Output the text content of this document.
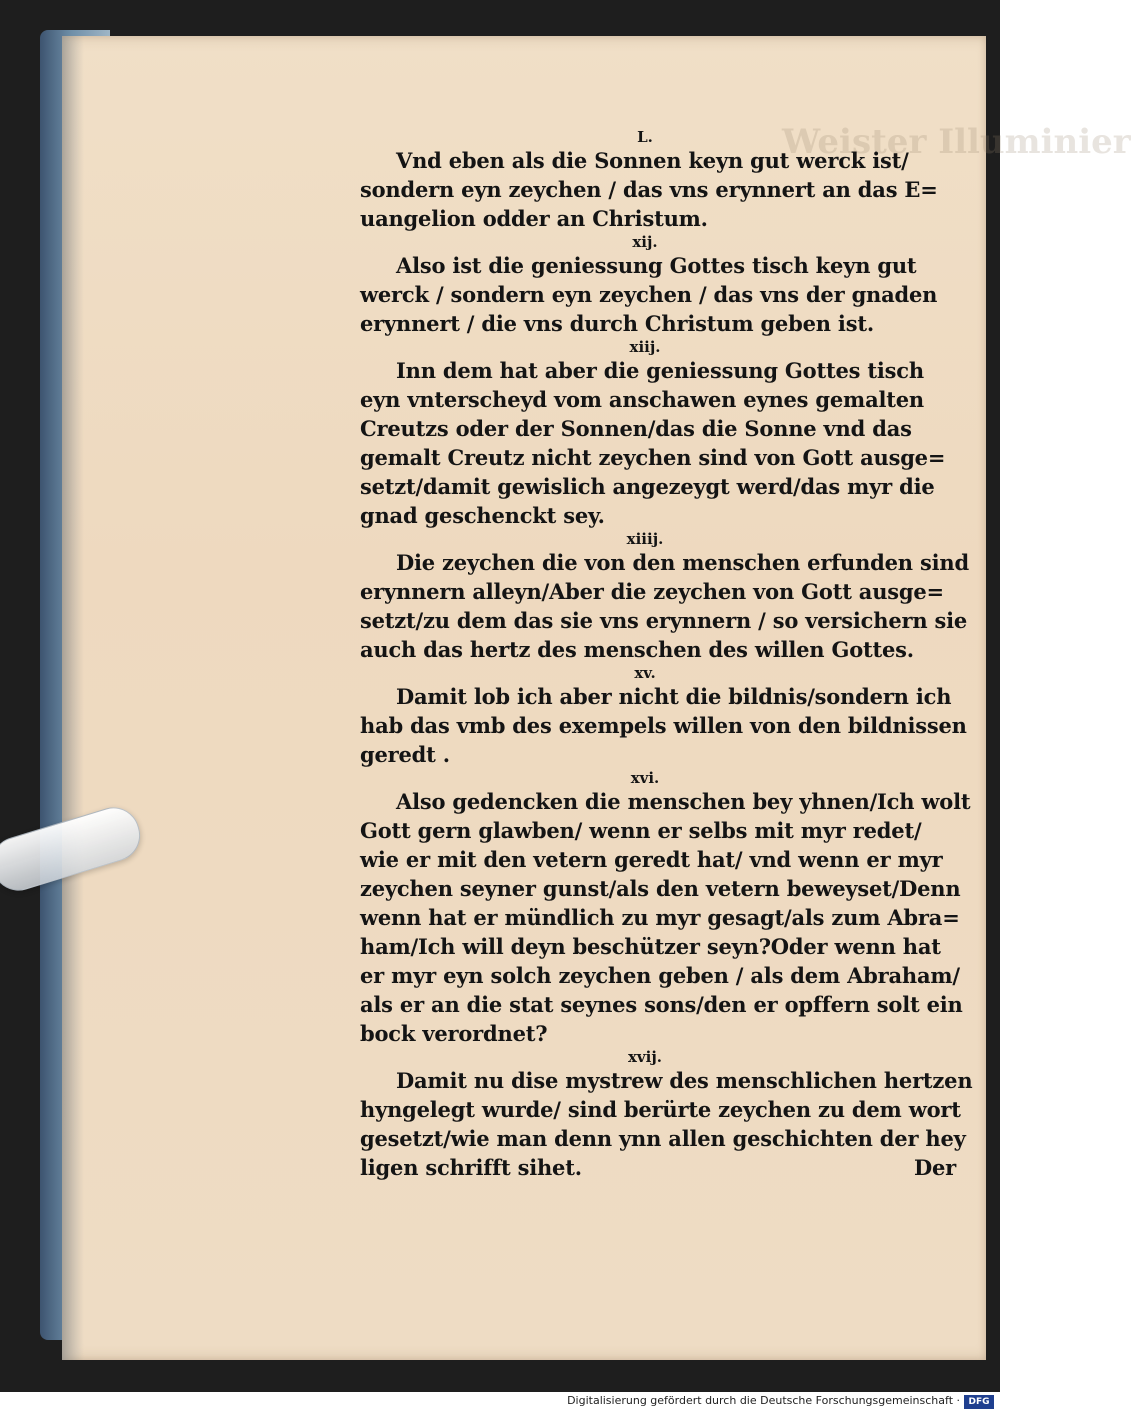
Weister Illuminier
L.
Vnd eben als die Sonnen keyn gut werck ist/
sondern eyn zeychen / das vns erynnert an das E=
uangelion odder an Christum.
xij.
Also ist die geniessung Gottes tisch keyn gut
werck / sondern eyn zeychen / das vns der gnaden
erynnert / die vns durch Christum geben ist.
xiij.
Inn dem hat aber die geniessung Gottes tisch
eyn vnterscheyd vom anschawen eynes gemalten
Creutzs oder der Sonnen/das die Sonne vnd das
gemalt Creutz nicht zeychen sind von Gott ausge=
setzt/damit gewislich angezeygt werd/das myr die
gnad geschenckt sey.
xiiij.
Die zeychen die von den menschen erfunden sind
erynnern alleyn/Aber die zeychen von Gott ausge=
setzt/zu dem das sie vns erynnern / so versichern sie
auch das hertz des menschen des willen Gottes.
xv.
Damit lob ich aber nicht die bildnis/sondern ich
hab das vmb des exempels willen von den bildnissen
geredt .
xvi.
Also gedencken die menschen bey yhnen/Ich wolt
Gott gern glawben/ wenn er selbs mit myr redet/
wie er mit den vetern geredt hat/ vnd wenn er myr
zeychen seyner gunst/als den vetern beweyset/Denn
wenn hat er mündlich zu myr gesagt/als zum Abra=
ham/Ich will deyn beschützer seyn?Oder wenn hat
er myr eyn solch zeychen geben / als dem Abraham/
als er an die stat seynes sons/den er opffern solt ein
bock verordnet?
xvij.
Damit nu dise mystrew des menschlichen hertzen
hyngelegt wurde/ sind berürte zeychen zu dem wort
gesetzt/wie man denn ynn allen geschichten der hey
ligen schrifft sihet.	Der
Digitalisierung gefördert durch die Deutsche Forschungsgemeinschaft · DFG
